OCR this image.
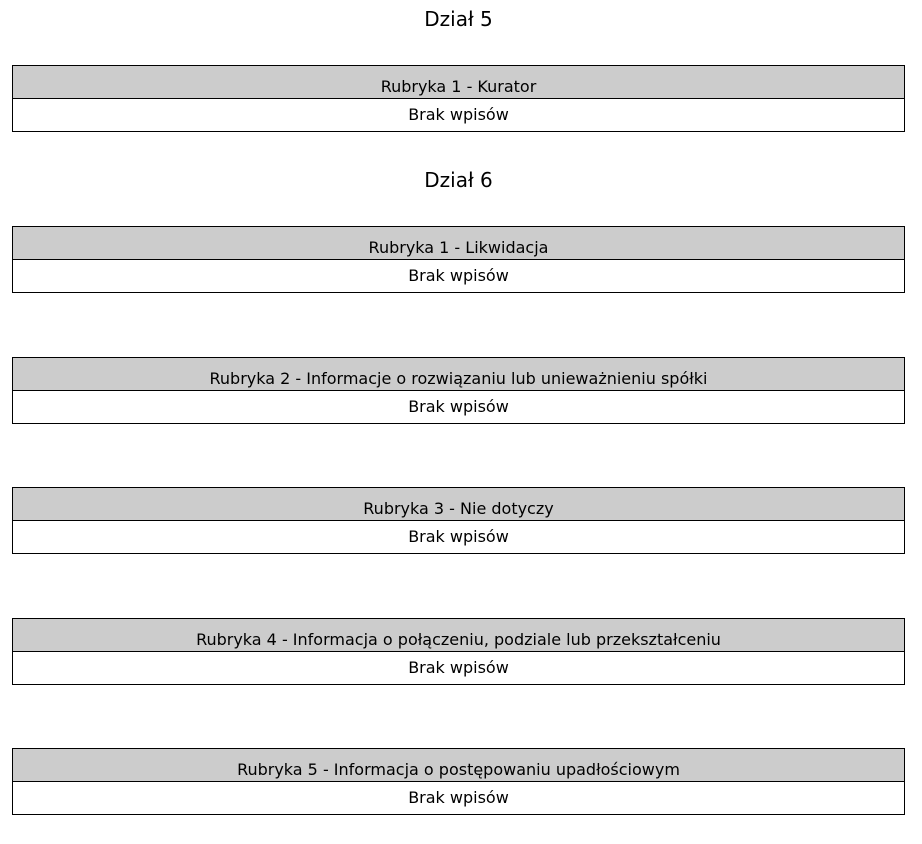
Dział 5
Rubryka 1 - Kurator
Brak wpisów
Dział 6
Rubryka 1 - Likwidacja
Brak wpisów
Rubryka 2 - Informacje o rozwiązaniu lub unieważnieniu spółki
Brak wpisów
Rubryka 3 - Nie dotyczy
Brak wpisów
Rubryka 4 - Informacja o połączeniu, podziale lub przekształceniu
Brak wpisów
Rubryka 5 - Informacja o postępowaniu upadłościowym
Brak wpisów
